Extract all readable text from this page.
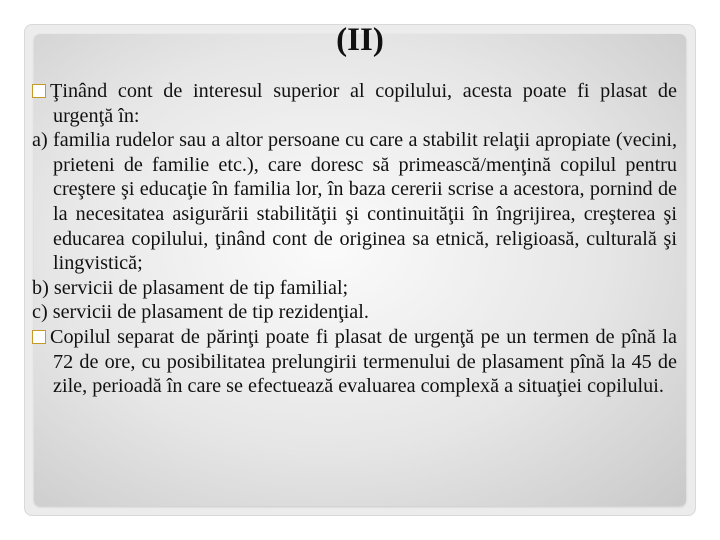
(II)

Ţinând cont de interesul superior al copilului, acesta poate fi plasat de urgenţă în:

a) familia rudelor sau a altor persoane cu care a stabilit relaţii apropiate (vecini, prieteni de familie etc.), care doresc să primească/menţină copilul pentru creştere şi educaţie în familia lor, în baza cererii scrise a acestora, pornind de la necesitatea asigurării stabilităţii şi continuităţii în îngrijirea, creşterea şi educarea copilului, ţinând cont de originea sa etnică, religioasă, culturală şi lingvistică;

b) servicii de plasament de tip familial;

c) servicii de plasament de tip rezidenţial.

Copilul separat de părinţi poate fi plasat de urgenţă pe un termen de pînă la 72 de ore, cu posibilitatea prelungirii termenului de plasament pînă la 45 de zile, perioadă în care se efectuează evaluarea complexă a situaţiei copilului.
